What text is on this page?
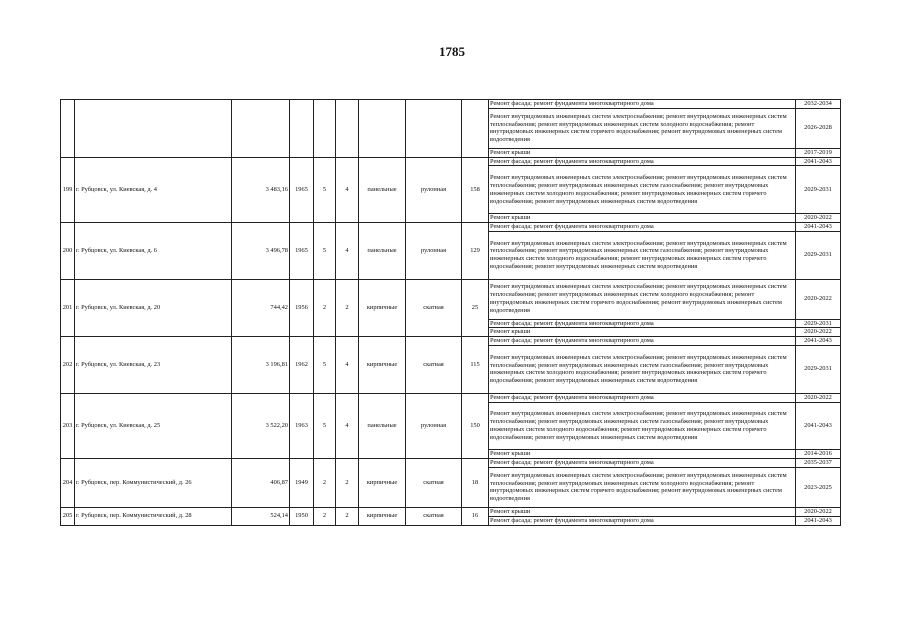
1785
									Ремонт фасада; ремонт фундамента многоквартирного дома	2032-2034
									Ремонт внутридомовых инженерных систем электроснабжения; ремонт внутридомовых инженерных систем теплоснабжения; ремонт внутридомовых инженерных систем холодного водоснабжения; ремонт внутридомовых инженерных систем горячего водоснабжения; ремонт внутридомовых инженерных систем водоотведения	2026-2028
									Ремонт крыши	2017-2019
199	г. Рубцовск, ул. Киевская, д. 4	3 483,16	1965	5	4	панельные	рулонная	158	Ремонт фасада; ремонт фундамента многоквартирного дома	2041-2043
									Ремонт внутридомовых инженерных систем электроснабжения; ремонт внутридомовых инженерных систем теплоснабжения; ремонт внутридомовых инженерных систем газоснабжения; ремонт внутридомовых инженерных систем холодного водоснабжения; ремонт внутридомовых инженерных систем горячего водоснабжения; ремонт внутридомовых инженерных систем водоотведения	2029-2031
									Ремонт крыши	2020-2022
200	г. Рубцовск, ул. Киевская, д. 6	3 496,78	1965	5	4	панельные	рулонная	129	Ремонт фасада; ремонт фундамента многоквартирного дома	2041-2043
									Ремонт внутридомовых инженерных систем электроснабжения; ремонт внутридомовых инженерных систем теплоснабжения; ремонт внутридомовых инженерных систем газоснабжения; ремонт внутридомовых инженерных систем холодного водоснабжения; ремонт внутридомовых инженерных систем горячего водоснабжения; ремонт внутридомовых инженерных систем водоотведения	2029-2031
201	г. Рубцовск, ул. Киевская, д. 20	744,42	1956	2	2	кирпичные	скатная	25	Ремонт внутридомовых инженерных систем электроснабжения; ремонт внутридомовых инженерных систем теплоснабжения; ремонт внутридомовых инженерных систем холодного водоснабжения; ремонт внутридомовых инженерных систем горячего водоснабжения; ремонт внутридомовых инженерных систем водоотведения	2020-2022
									Ремонт фасада; ремонт фундамента многоквартирного дома	2029-2031
									Ремонт крыши	2020-2022
202	г. Рубцовск, ул. Киевская, д. 23	3 196,81	1962	5	4	кирпичные	скатная	115	Ремонт фасада; ремонт фундамента многоквартирного дома	2041-2043
									Ремонт внутридомовых инженерных систем электроснабжения; ремонт внутридомовых инженерных систем теплоснабжения; ремонт внутридомовых инженерных систем газоснабжения; ремонт внутридомовых инженерных систем холодного водоснабжения; ремонт внутридомовых инженерных систем горячего водоснабжения; ремонт внутридомовых инженерных систем водоотведения	2029-2031
203	г. Рубцовск, ул. Киевская, д. 25	3 522,20	1963	5	4	панельные	рулонная	150	Ремонт фасада; ремонт фундамента многоквартирного дома	2020-2022
									Ремонт внутридомовых инженерных систем электроснабжения; ремонт внутридомовых инженерных систем теплоснабжения; ремонт внутридомовых инженерных систем газоснабжения; ремонт внутридомовых инженерных систем холодного водоснабжения; ремонт внутридомовых инженерных систем горячего водоснабжения; ремонт внутридомовых инженерных систем водоотведения	2041-2043
									Ремонт крыши	2014-2016
204	г. Рубцовск, пер. Коммунистический, д. 26	406,87	1949	2	2	кирпичные	скатная	18	Ремонт фасада; ремонт фундамента многоквартирного дома	2035-2037
									Ремонт внутридомовых инженерных систем электроснабжения; ремонт внутридомовых инженерных систем теплоснабжения; ремонт внутридомовых инженерных систем холодного водоснабжения; ремонт внутридомовых инженерных систем горячего водоснабжения; ремонт внутридомовых инженерных систем водоотведения	2023-2025
205	г. Рубцовск, пер. Коммунистический, д. 28	524,14	1950	2	2	кирпичные	скатная	16	Ремонт крыши	2020-2022
									Ремонт фасада; ремонт фундамента многоквартирного дома	2041-2043
